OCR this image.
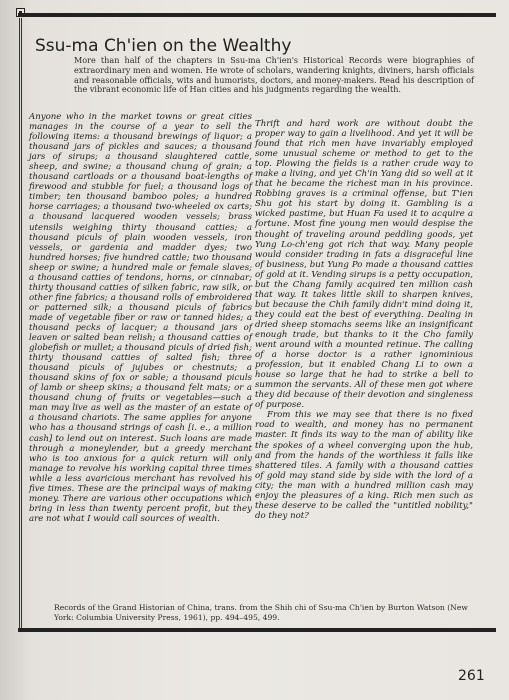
Ssu-ma Ch'ien on the Wealthy
More than half of the chapters in Ssu-ma Ch'ien's Historical Records were biographies of extraordinary men and women. He wrote of scholars, wandering knights, diviners, harsh officials and reasonable officials, wits and humorists, doctors, and money-makers. Read his description of the vibrant economic life of Han cities and his judgments regarding the wealth.

Anyone who in the market towns or great cities manages in the course of a year to sell the following items: a thousand brewings of liquor; a thousand jars of pickles and sauces; a thousand jars of sirups; a thousand slaughtered cattle, sheep, and swine; a thousand chung of grain; a thousand cartloads or a thousand boat-lengths of firewood and stubble for fuel; a thousand logs of timber; ten thousand bamboo poles; a hundred horse carriages; a thousand two-wheeled ox carts; a thousand lacquered wooden vessels; brass utensils weighing thirty thousand catties; a thousand piculs of plain wooden vessels, iron vessels, or gardenia and madder dyes; two hundred horses; five hundred cattle; two thousand sheep or swine; a hundred male or female slaves; a thousand catties of tendons, horns, or cinnabar; thirty thousand catties of silken fabric, raw silk, or other fine fabrics; a thousand rolls of embroidered or patterned silk; a thousand piculs of fabrics made of vegetable fiber or raw or tanned hides; a thousand pecks of lacquer; a thousand jars of leaven or salted bean relish; a thousand catties of globefish or mullet; a thousand piculs of dried fish; thirty thousand catties of salted fish; three thousand piculs of jujubes or chestnuts; a thousand skins of fox or sable; a thousand piculs of lamb or sheep skins; a thousand felt mats; or a thousand chung of fruits or vegetables—such a man may live as well as the master of an estate of a thousand chariots. The same applies for anyone who has a thousand strings of cash [i. e., a million cash] to lend out on interest. Such loans are made through a moneylender, but a greedy merchant who is too anxious for a quick return will only manage to revolve his working capital three times while a less avaricious merchant has revolved his five times. These are the principal ways of making money. There are various other occupations which bring in less than twenty percent profit, but they are not what I would call sources of wealth.

Thrift and hard work are without doubt the proper way to gain a livelihood. And yet it will be found that rich men have invariably employed some unusual scheme or method to get to the top. Plowing the fields is a rather crude way to make a living, and yet Ch'in Yang did so well at it that he became the richest man in his province. Robbing graves is a criminal offense, but T'ien Shu got his start by doing it. Gambling is a wicked pastime, but Huan Fa used it to acquire a fortune. Most fine young men would despise the thought of traveling around peddling goods, yet Yung Lo-ch'eng got rich that way. Many people would consider trading in fats a disgraceful line of business, but Yung Po made a thousand catties of gold at it. Vending sirups is a petty occupation, but the Chang family acquired ten million cash that way. It takes little skill to sharpen knives, but because the Chih family didn't mind doing it, they could eat the best of everything. Dealing in dried sheep stomachs seems like an insignificant enough trade, but thanks to it the Cho family went around with a mounted retinue. The calling of a horse doctor is a rather ignominious profession, but it enabled Chang Li to own a house so large that he had to strike a bell to summon the servants. All of these men got where they did because of their devotion and singleness of purpose.

From this we may see that there is no fixed road to wealth, and money has no permanent master. It finds its way to the man of ability like the spokes of a wheel converging upon the hub, and from the hands of the worthless it falls like shattered tiles. A family with a thousand catties of gold may stand side by side with the lord of a city; the man with a hundred million cash may enjoy the pleasures of a king. Rich men such as these deserve to be called the "untitled nobility," do they not?

Records of the Grand Historian of China, trans. from the Shih chi of Ssu-ma Ch'ien by Burton Watson (New York: Columbia University Press, 1961), pp. 494–495, 499.
261
